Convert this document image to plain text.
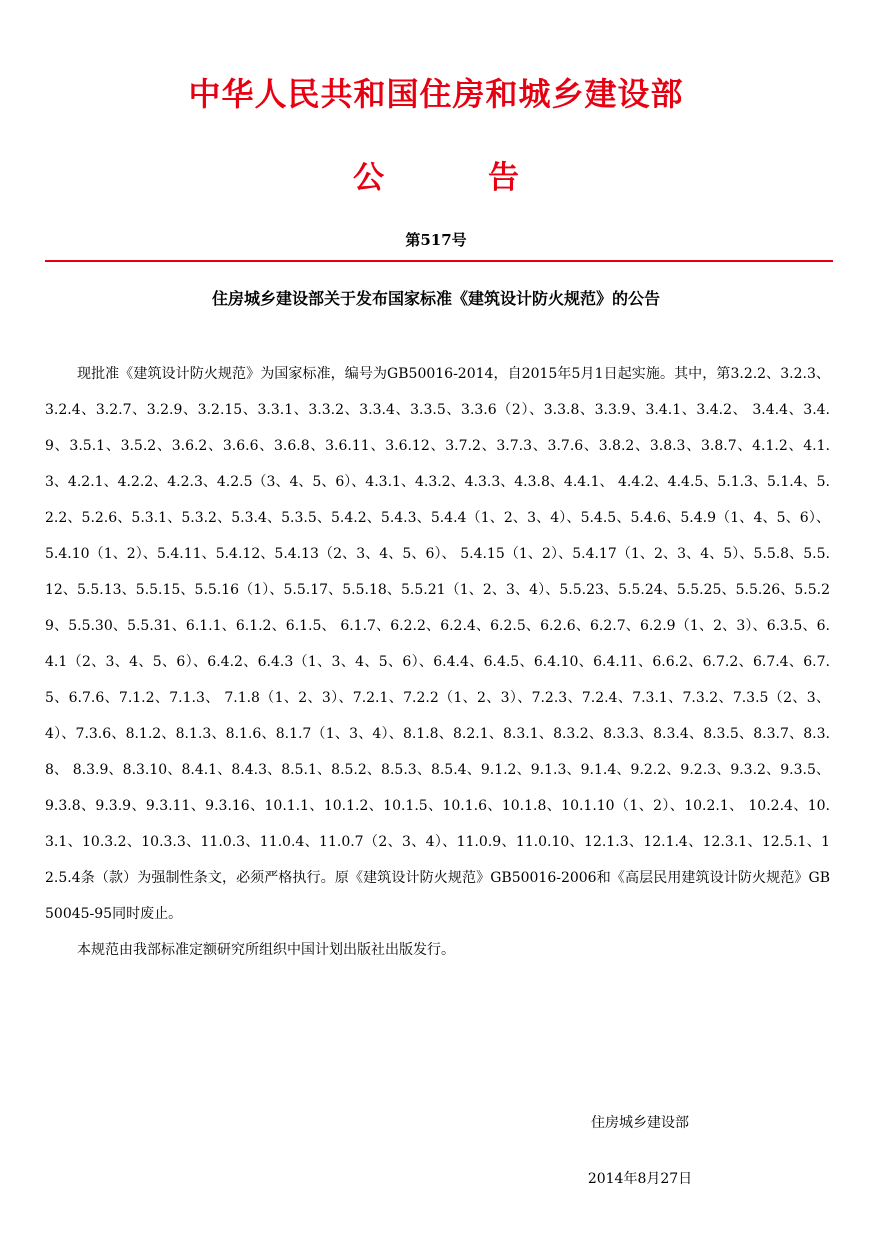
中华人民共和国住房和城乡建设部
公	告
第517号
住房城乡建设部关于发布国家标准《建筑设计防火规范》的公告

现批准《建筑设计防火规范》为国家标准，编号为GB50016-2014，自2015年5月1日起实施。其中，第3.2.2、3.2.3、3.2.4、3.2.7、3.2.9、3.2.15、3.3.1、3.3.2、3.3.4、3.3.5、3.3.6（2）、3.3.8、3.3.9、3.4.1、3.4.2、 3.4.4、3.4.9、3.5.1、3.5.2、3.6.2、3.6.6、3.6.8、3.6.11、3.6.12、3.7.2、3.7.3、3.7.6、3.8.2、3.8.3、3.8.7、4.1.2、4.1.3、4.2.1、4.2.2、4.2.3、4.2.5（3、4、5、6）、4.3.1、4.3.2、4.3.3、4.3.8、4.4.1、 4.4.2、4.4.5、5.1.3、5.1.4、5.2.2、5.2.6、5.3.1、5.3.2、5.3.4、5.3.5、5.4.2、5.4.3、5.4.4（1、2、3、4）、5.4.5、5.4.6、5.4.9（1、4、5、6）、5.4.10（1、2）、5.4.11、5.4.12、5.4.13（2、3、4、5、6）、 5.4.15（1、2）、5.4.17（1、2、3、4、5）、5.5.8、5.5.12、5.5.13、5.5.15、5.5.16（1）、5.5.17、5.5.18、5.5.21（1、2、3、4）、5.5.23、5.5.24、5.5.25、5.5.26、5.5.29、5.5.30、5.5.31、6.1.1、6.1.2、6.1.5、 6.1.7、6.2.2、6.2.4、6.2.5、6.2.6、6.2.7、6.2.9（1、2、3）、6.3.5、6.4.1（2、3、4、5、6）、6.4.2、6.4.3（1、3、4、5、6）、6.4.4、6.4.5、6.4.10、6.4.11、6.6.2、6.7.2、6.7.4、6.7.5、6.7.6、7.1.2、7.1.3、 7.1.8（1、2、3）、7.2.1、7.2.2（1、2、3）、7.2.3、7.2.4、7.3.1、7.3.2、7.3.5（2、3、4）、7.3.6、8.1.2、8.1.3、8.1.6、8.1.7（1、3、4）、8.1.8、8.2.1、8.3.1、8.3.2、8.3.3、8.3.4、8.3.5、8.3.7、8.3.8、 8.3.9、8.3.10、8.4.1、8.4.3、8.5.1、8.5.2、8.5.3、8.5.4、9.1.2、9.1.3、9.1.4、9.2.2、9.2.3、9.3.2、9.3.5、9.3.8、9.3.9、9.3.11、9.3.16、10.1.1、10.1.2、10.1.5、10.1.6、10.1.8、10.1.10（1、2）、10.2.1、 10.2.4、10.3.1、10.3.2、10.3.3、11.0.3、11.0.4、11.0.7（2、3、4）、11.0.9、11.0.10、12.1.3、12.1.4、12.3.1、12.5.1、12.5.4条（款）为强制性条文，必须严格执行。原《建筑设计防火规范》GB50016-2006和《高层民用建筑设计防火规范》GB50045-95同时废止。

本规范由我部标准定额研究所组织中国计划出版社出版发行。

住房城乡建设部
2014年8月27日
